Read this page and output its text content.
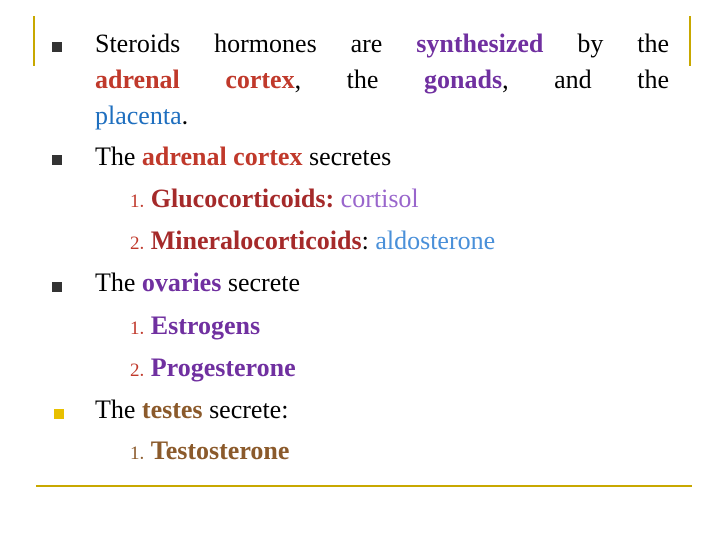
Steroids hormones are synthesized by the
adrenal cortex, the gonads, and the
placenta.
The adrenal cortex secretes
1. Glucocorticoids: cortisol
2. Mineralocorticoids: aldosterone
The ovaries secrete
1. Estrogens
2. Progesterone
The testes secrete:
1. Testosterone
